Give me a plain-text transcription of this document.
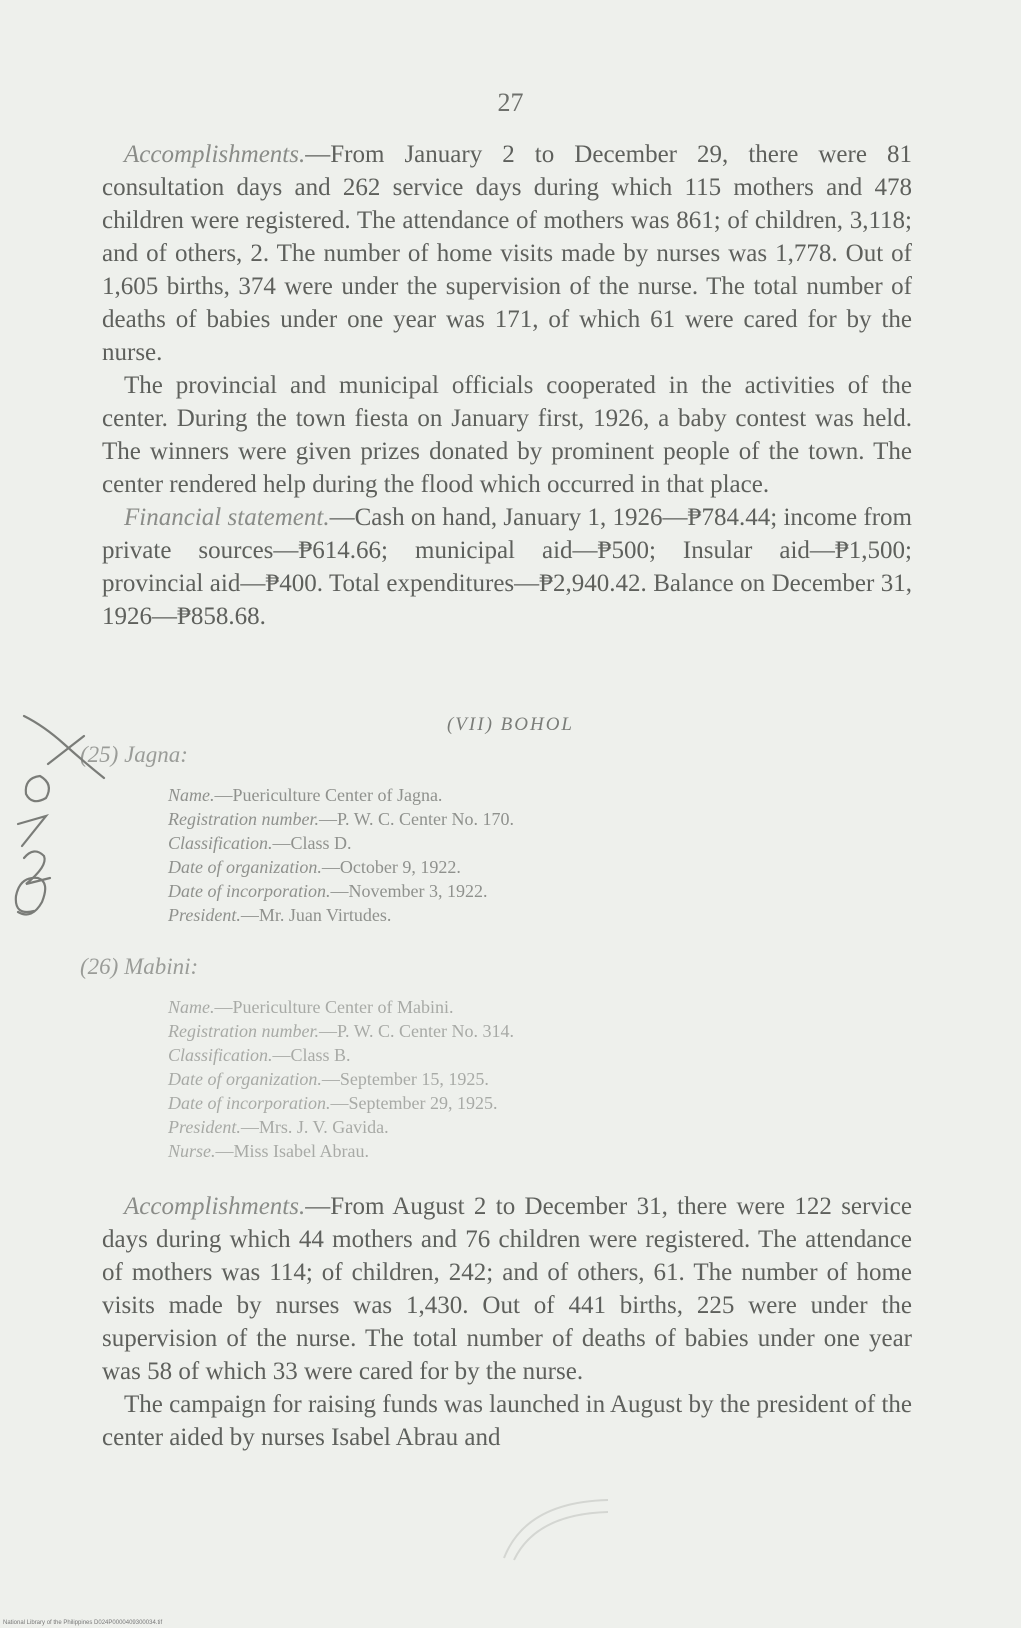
27

Accomplishments.—From January 2 to December 29, there were 81 consultation days and 262 service days during which 115 mothers and 478 children were registered. The attendance of mothers was 861; of children, 3,118; and of others, 2. The number of home visits made by nurses was 1,778. Out of 1,605 births, 374 were under the supervision of the nurse. The total number of deaths of babies under one year was 171, of which 61 were cared for by the nurse.

The provincial and municipal officials cooperated in the activities of the center. During the town fiesta on January first, 1926, a baby contest was held. The winners were given prizes donated by prominent people of the town. The center rendered help during the flood which occurred in that place.

Financial statement.—Cash on hand, January 1, 1926—₱784.44; income from private sources—₱614.66; municipal aid—₱500; Insular aid—₱1,500; provincial aid—₱400. Total expenditures—₱2,940.42. Balance on December 31, 1926—₱858.68.

(VII) BOHOL
(25) Jagna:
Name.—Puericulture Center of Jagna.
Registration number.—P. W. C. Center No. 170.
Classification.—Class D.
Date of organization.—October 9, 1922.
Date of incorporation.—November 3, 1922.
President.—Mr. Juan Virtudes.
(26) Mabini:
Name.—Puericulture Center of Mabini.
Registration number.—P. W. C. Center No. 314.
Classification.—Class B.
Date of organization.—September 15, 1925.
Date of incorporation.—September 29, 1925.
President.—Mrs. J. V. Gavida.
Nurse.—Miss Isabel Abrau.

Accomplishments.—From August 2 to December 31, there were 122 service days during which 44 mothers and 76 children were registered. The attendance of mothers was 114; of children, 242; and of others, 61. The number of home visits made by nurses was 1,430. Out of 441 births, 225 were under the supervision of the nurse. The total number of deaths of babies under one year was 58 of which 33 were cared for by the nurse.

The campaign for raising funds was launched in August by the president of the center aided by nurses Isabel Abrau and

National Library of the Philippines D024P0000409300034.tif
